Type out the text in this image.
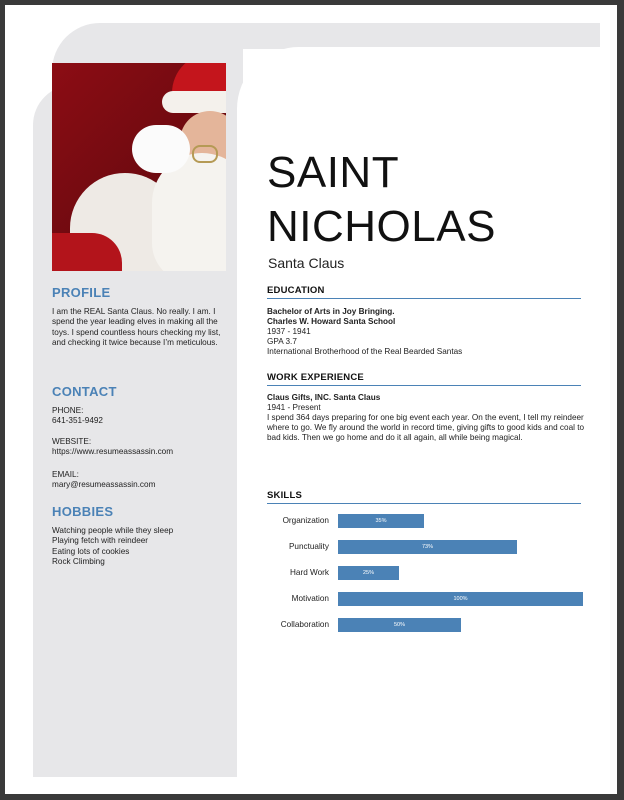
PROFILE

I am the REAL Santa Claus. No really. I am. I spend the year leading elves in making all the toys. I spend countless hours checking my list, and checking it twice because I’m meticulous.

CONTACT

PHONE:

641-351-9492

WEBSITE:

https://www.resumeassassin.com

EMAIL:

mary@resumeassassin.com

HOBBIES
Watching people while they sleep
Playing fetch with reindeer
Eating lots of cookies
Rock Climbing
SAINT
NICHOLAS

Santa Claus

EDUCATION

Bachelor of Arts in Joy Bringing.

Charles W. Howard Santa School

1937 - 1941

GPA 3.7

International Brotherhood of the Real Bearded Santas

WORK EXPERIENCE

Claus Gifts, INC. Santa Claus

1941 - Present

I spend 364 days preparing for one big event each year. On the event, I tell my reindeer where to go. We fly around the world in record time, giving gifts to good kids and coal to bad kids. Then we go home and do it all again, all while being magical.

SKILLS
Organization	35%
Punctuality	73%
Hard Work	25%
Motivation	100%
Collaboration	50%
